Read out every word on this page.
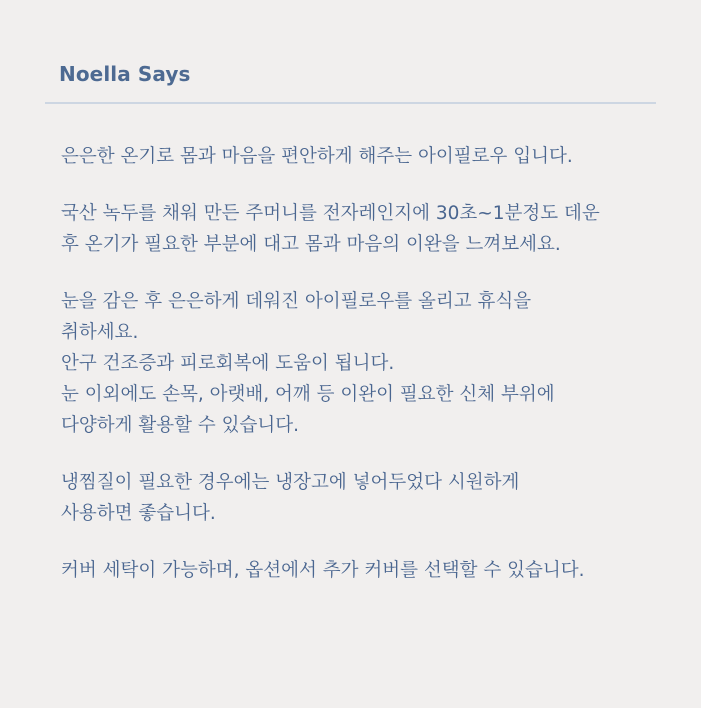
Noella Says
은은한 온기로 몸과 마음을 편안하게 해주는 아이필로우 입니다.
국산 녹두를 채워 만든 주머니를 전자레인지에 30초~1분정도 데운
후 온기가 필요한 부분에 대고 몸과 마음의 이완을 느껴보세요.
눈을 감은 후 은은하게 데워진 아이필로우를 올리고 휴식을
취하세요.
안구 건조증과 피로회복에 도움이 됩니다.
눈 이외에도 손목, 아랫배, 어깨 등 이완이 필요한 신체 부위에
다양하게 활용할 수 있습니다.
냉찜질이 필요한 경우에는 냉장고에 넣어두었다 시원하게
사용하면 좋습니다.
커버 세탁이 가능하며, 옵션에서 추가 커버를 선택할 수 있습니다.
